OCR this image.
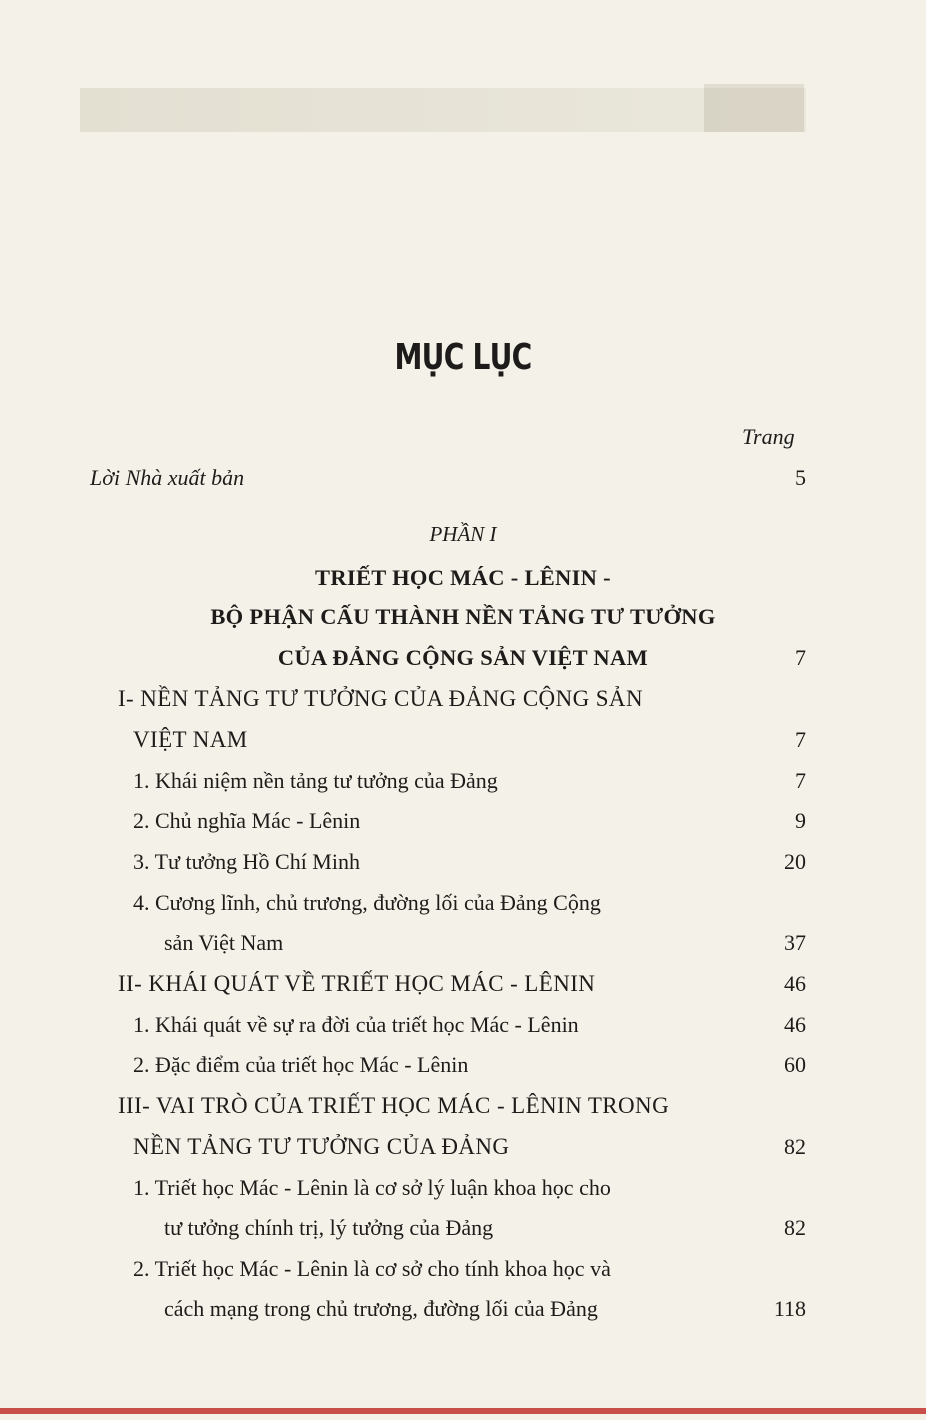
MỤC LỤC
Trang
Lời Nhà xuất bản	5
PHẦN I
TRIẾT HỌC MÁC - LÊNIN -
BỘ PHẬN CẤU THÀNH NỀN TẢNG TƯ TƯỞNG
CỦA ĐẢNG CỘNG SẢN VIỆT NAM	7
I- NỀN TẢNG TƯ TƯỞNG CỦA ĐẢNG CỘNG SẢN
VIỆT NAM	7
1. Khái niệm nền tảng tư tưởng của Đảng	7
2. Chủ nghĩa Mác - Lênin	9
3. Tư tưởng Hồ Chí Minh	20
4. Cương lĩnh, chủ trương, đường lối của Đảng Cộng
sản Việt Nam	37
II- KHÁI QUÁT VỀ TRIẾT HỌC MÁC - LÊNIN	46
1. Khái quát về sự ra đời của triết học Mác - Lênin	46
2. Đặc điểm của triết học Mác - Lênin	60
III- VAI TRÒ CỦA TRIẾT HỌC MÁC - LÊNIN TRONG
NỀN TẢNG TƯ TƯỞNG CỦA ĐẢNG	82
1. Triết học Mác - Lênin là cơ sở lý luận khoa học cho
tư tưởng chính trị, lý tưởng của Đảng	82
2. Triết học Mác - Lênin là cơ sở cho tính khoa học và
cách mạng trong chủ trương, đường lối của Đảng	118
